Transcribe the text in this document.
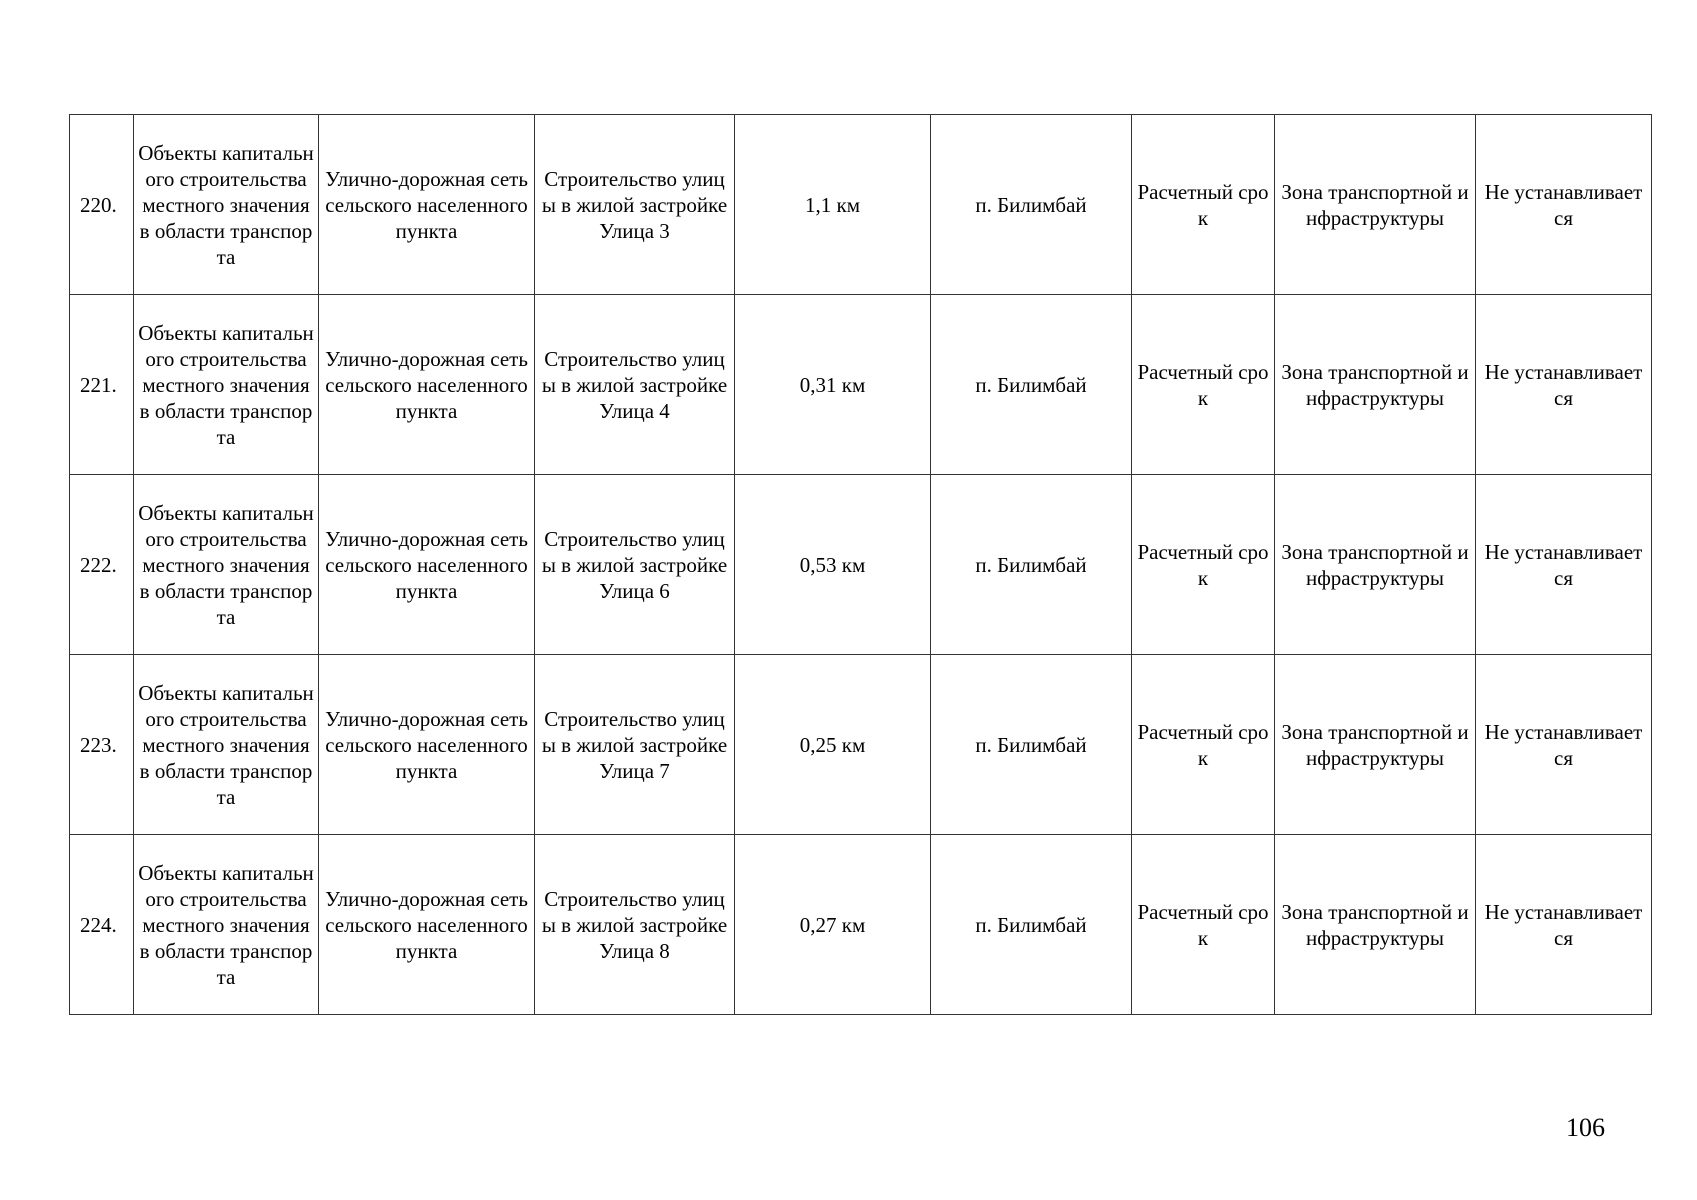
220.	Объекты капитального строительства местного значения в области транспорта	Улично-дорожная сеть сельского населенного пункта	Строительство улицы в жилой застройке Улица 3	1,1 км	п. Билимбай	Расчетный срок	Зона транспортной инфраструктуры	Не устанавливается
221.	Объекты капитального строительства местного значения в области транспорта	Улично-дорожная сеть сельского населенного пункта	Строительство улицы в жилой застройке Улица 4	0,31 км	п. Билимбай	Расчетный срок	Зона транспортной инфраструктуры	Не устанавливается
222.	Объекты капитального строительства местного значения в области транспорта	Улично-дорожная сеть сельского населенного пункта	Строительство улицы в жилой застройке Улица 6	0,53 км	п. Билимбай	Расчетный срок	Зона транспортной инфраструктуры	Не устанавливается
223.	Объекты капитального строительства местного значения в области транспорта	Улично-дорожная сеть сельского населенного пункта	Строительство улицы в жилой застройке Улица 7	0,25 км	п. Билимбай	Расчетный срок	Зона транспортной инфраструктуры	Не устанавливается
224.	Объекты капитального строительства местного значения в области транспорта	Улично-дорожная сеть сельского населенного пункта	Строительство улицы в жилой застройке Улица 8	0,27 км	п. Билимбай	Расчетный срок	Зона транспортной инфраструктуры	Не устанавливается
106
